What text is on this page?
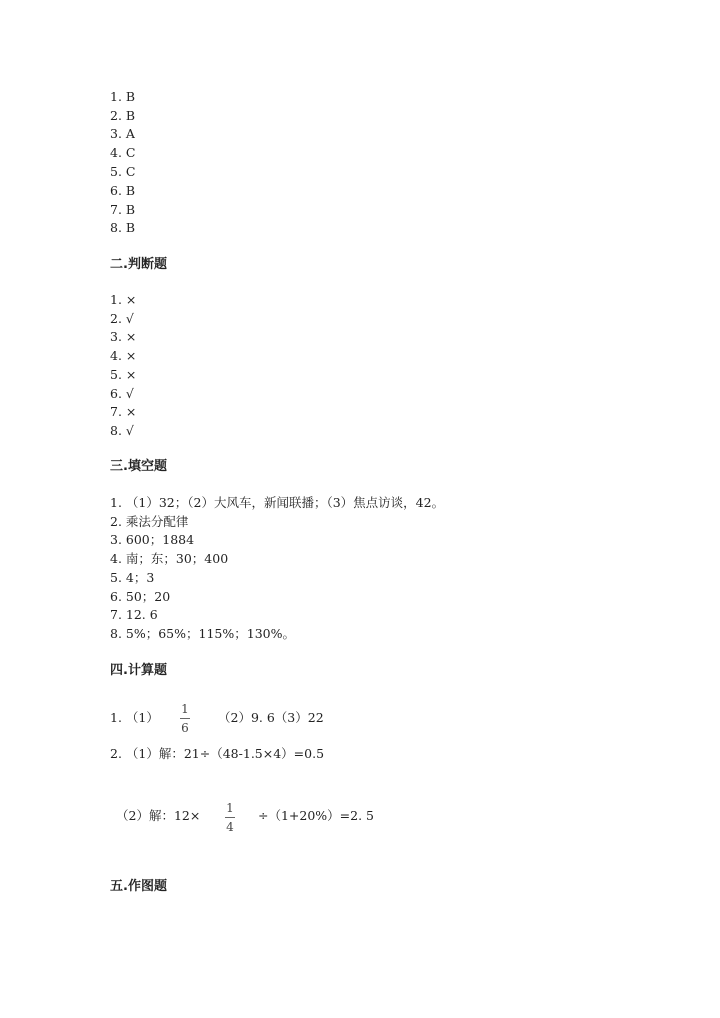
1. B
2. B
3. A
4. C
5. C
6. B
7. B
8. B
二.判断题
1. ×
2. √
3. ×
4. ×
5. ×
6. √
7. ×
8. √
三.填空题
1. （1）32；（2）大风车，新闻联播；（3）焦点访谈，42。
2. 乘法分配律
3. 600；1884
4. 南；东；30；400
5. 4；3
6. 50；20
7. 12. 6
8. 5%；65%；115%；130%。
四.计算题
1. （1）
1
6
（2）9. 6（3）22
2. （1）解：21÷（48-1.5×4）=0.5
（2）解：12× 1
4
÷（1+20%）=2. 5
五.作图题
